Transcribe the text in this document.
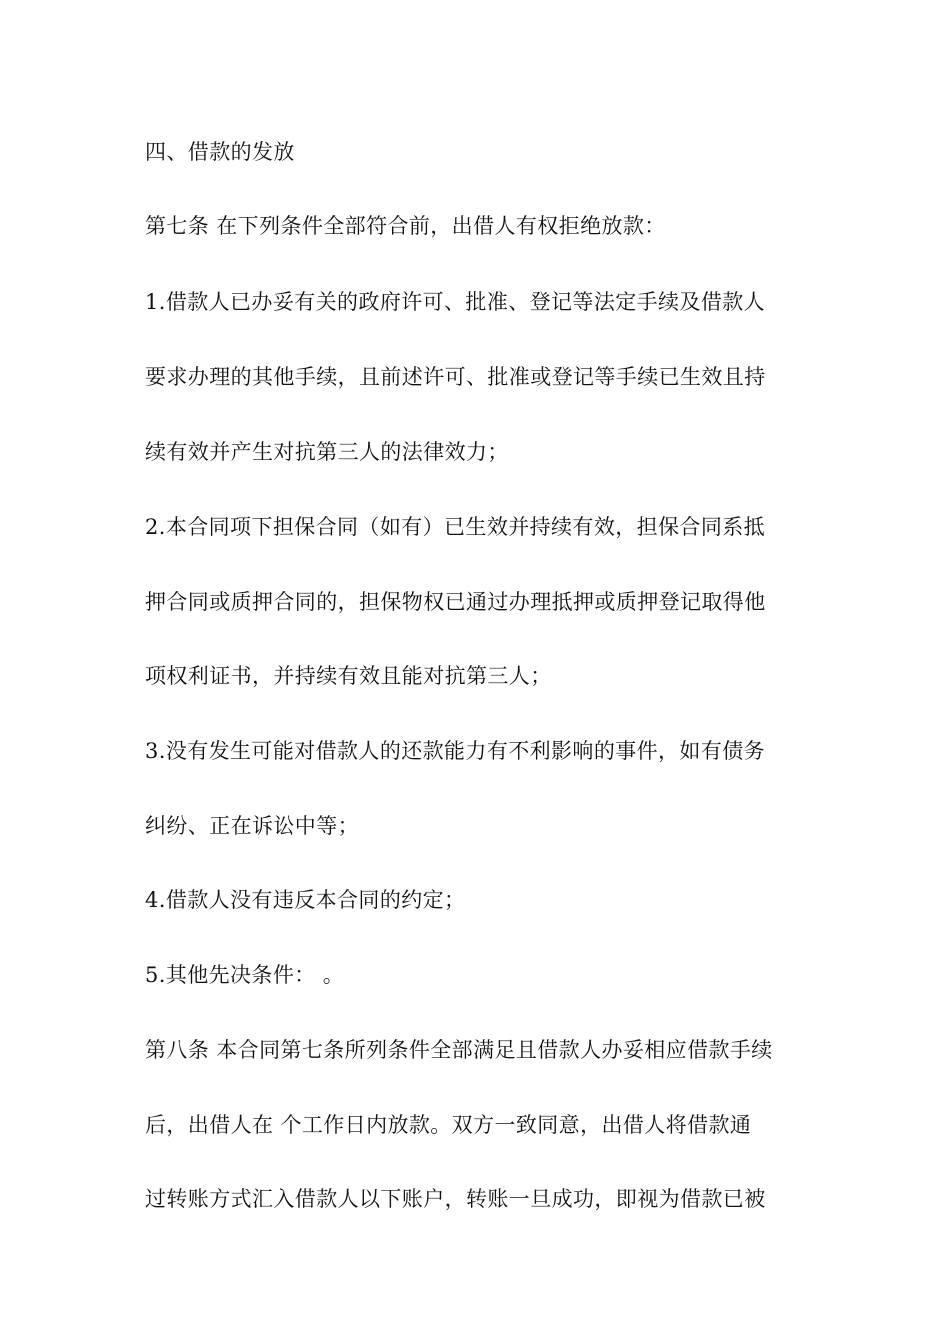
四、借款的发放
第七条 在下列条件全部符合前，出借人有权拒绝放款：
1.借款人已办妥有关的政府许可、批准、登记等法定手续及借款人
要求办理的其他手续，且前述许可、批准或登记等手续已生效且持
续有效并产生对抗第三人的法律效力；
2.本合同项下担保合同（如有）已生效并持续有效，担保合同系抵
押合同或质押合同的，担保物权已通过办理抵押或质押登记取得他
项权利证书，并持续有效且能对抗第三人；
3.没有发生可能对借款人的还款能力有不利影响的事件，如有债务
纠纷、正在诉讼中等；
4.借款人没有违反本合同的约定；
5.其他先决条件： 。
第八条 本合同第七条所列条件全部满足且借款人办妥相应借款手续
后，出借人在 个工作日内放款。双方一致同意，出借人将借款通
过转账方式汇入借款人以下账户，转账一旦成功，即视为借款已被
